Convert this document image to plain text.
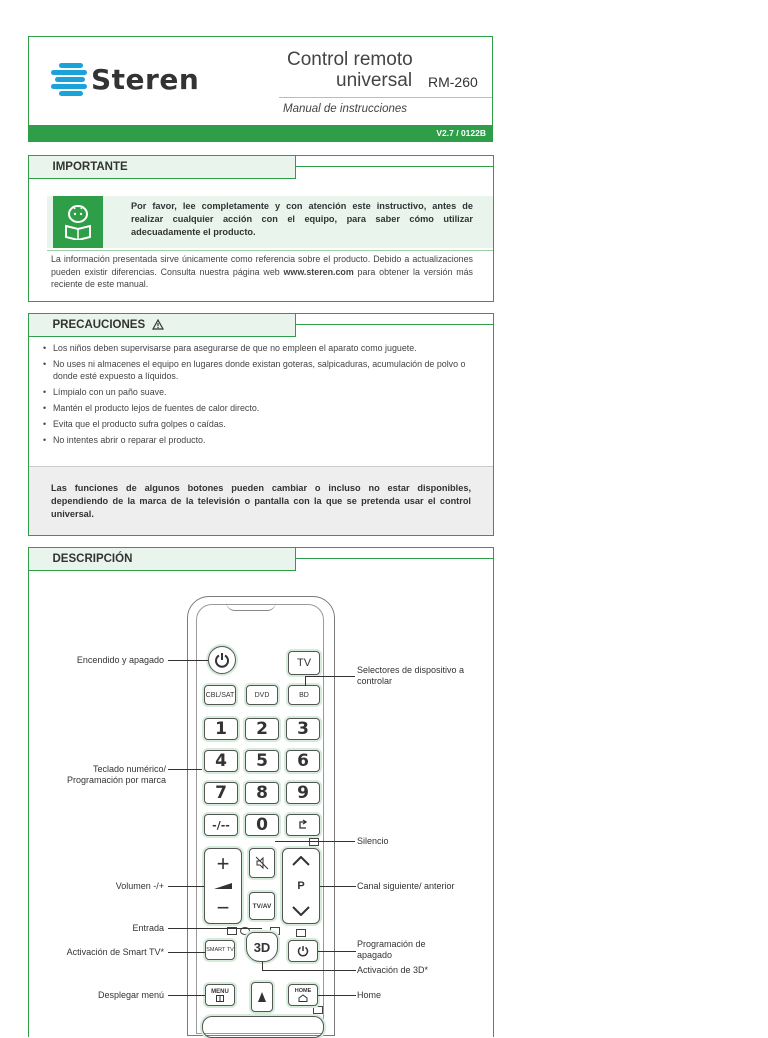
Steren
Control remoto
universal RM-260
Manual de instrucciones
V2.7 / 0122B
IMPORTANTE
Por favor, lee completamente y con atención este instructivo, antes de realizar cualquier acción con el equipo, para saber cómo utilizar adecuadamente el producto.
La información presentada sirve únicamente como referencia sobre el producto. Debido a actualizaciones pueden existir diferencias. Consulta nuestra página web www.steren.com para obtener la versión más reciente de este manual.
PRECAUCIONES
• Los niños deben supervisarse para asegurarse de que no empleen el aparato como juguete.
• No uses ni almacenes el equipo en lugares donde existan goteras, salpicaduras, acumulación de polvo o donde esté expuesto a líquidos.
• Límpialo con un paño suave.
• Mantén el producto lejos de fuentes de calor directo.
• Evita que el producto sufra golpes o caídas.
• No intentes abrir o reparar el producto.
Las funciones de algunos botones pueden cambiar o incluso no estar disponibles, dependiendo de la marca de la televisión o pantalla con la que se pretenda usar el control universal.
DESCRIPCIÓN
TV
CBL/SAT	DVD	BD
1	2	3
4	5	6
7	8	9
-/--	0
+
−	TV/AV
P
SMART TV	3D
MENU	HOME
Encendido y apagado
Selectores de dispositivo a controlar
Teclado numérico/ Programación por marca
Silencio
Volumen -/+	Canal siguiente/ anterior
Entrada
Programación de apagado
Activación de Smart TV*
Activación de 3D*
Desplegar menú	Home
